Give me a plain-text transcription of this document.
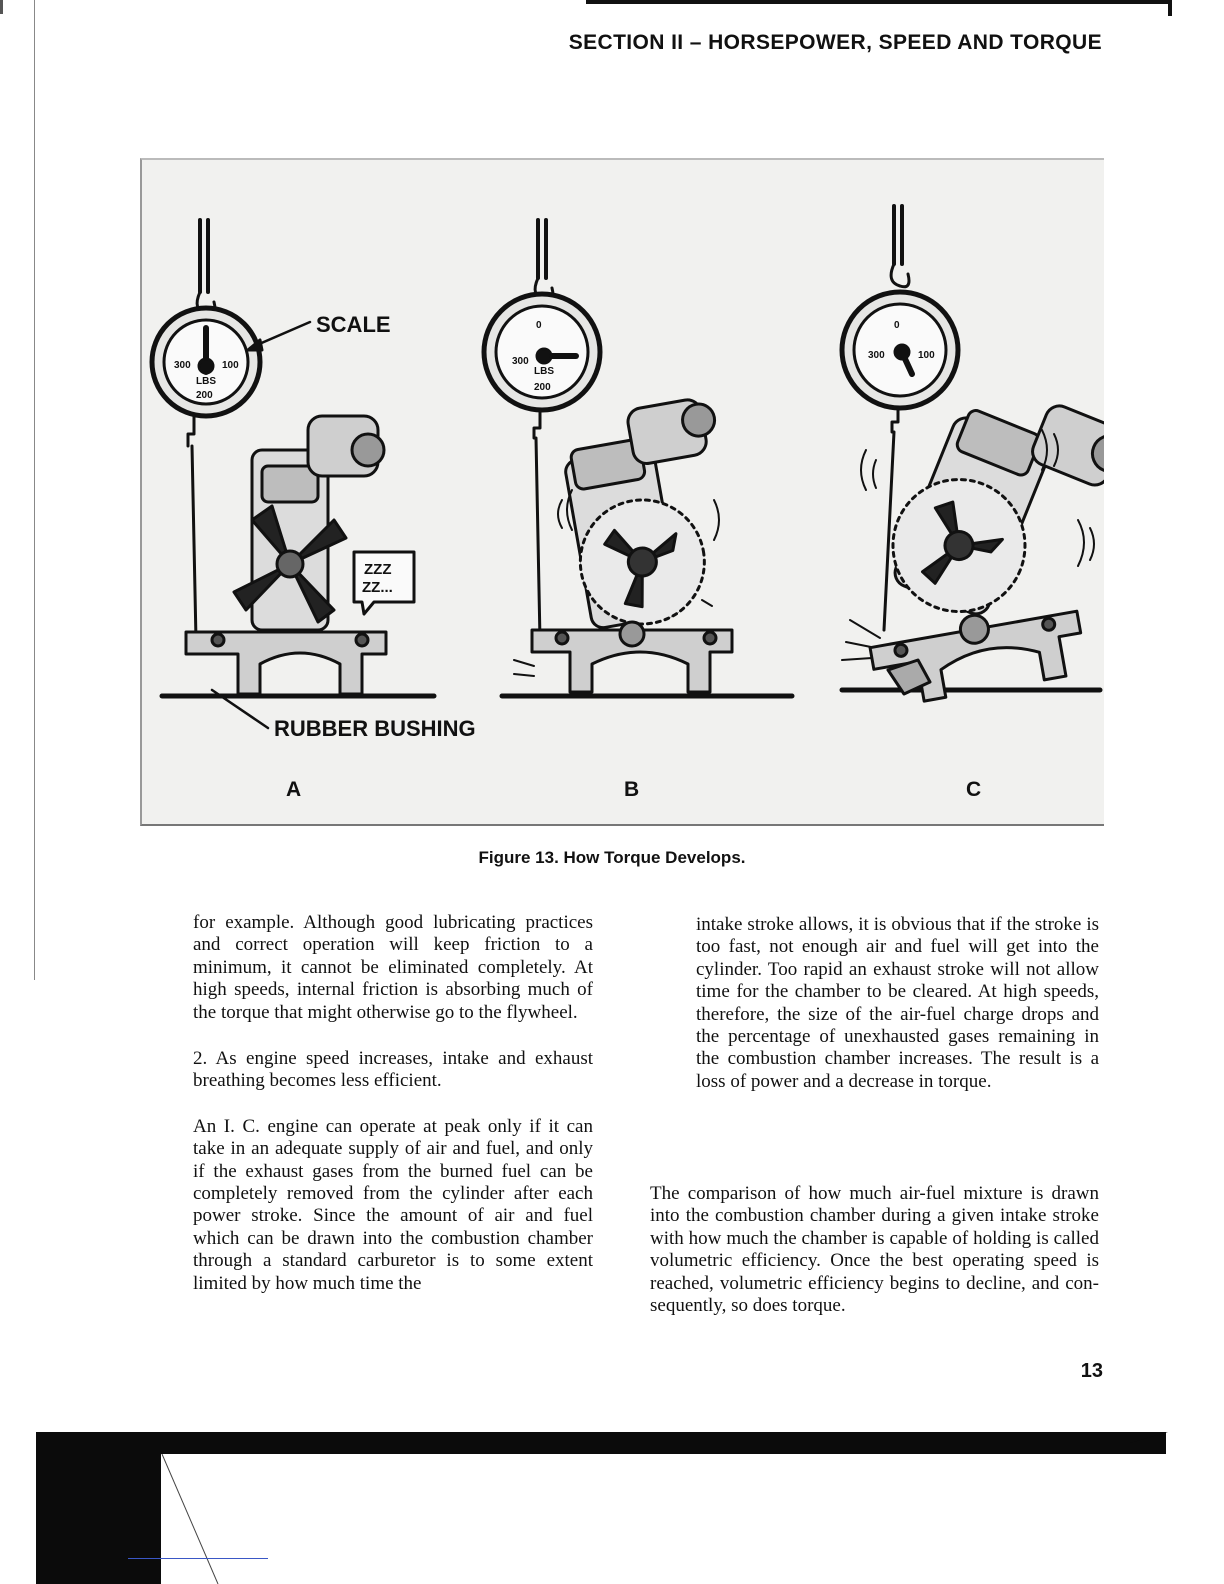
SECTION II – HORSEPOWER, SPEED AND TORQUE
300	100
LBS
200
ZZZ
ZZ...
0
300
LBS
200
0
300	100
SCALE
RUBBER BUSHING
A	B	C
Figure 13. How Torque Develops.

for example. Although good lubricating practices and correct operation will keep friction to a minimum, it cannot be eliminated completely. At high speeds, internal friction is absorbing much of the torque that might otherwise go to the flywheel.

2. As engine speed increases, intake and exhaust breathing becomes less efficient.

An I. C. engine can operate at peak only if it can take in an adequate supply of air and fuel, and only if the exhaust gases from the burned fuel can be completely removed from the cylinder after each power stroke. Since the amount of air and fuel which can be drawn into the combustion chamber through a standard carburetor is to some extent limited by how much time the

intake stroke allows, it is obvious that if the stroke is too fast, not enough air and fuel will get into the cylinder. Too rapid an exhaust stroke will not allow time for the chamber to be cleared. At high speeds, therefore, the size of the air-fuel charge drops and the percentage of unexhausted gases remaining in the combustion chamber increases. The result is a loss of power and a decrease in torque.

The comparison of how much air-fuel mixture is drawn into the combustion chamber during a given intake stroke with how much the chamber is capable of holding is called volumetric efficiency. Once the best operating speed is reached, volumetric efficiency begins to decline, and consequently, so does torque.

13
